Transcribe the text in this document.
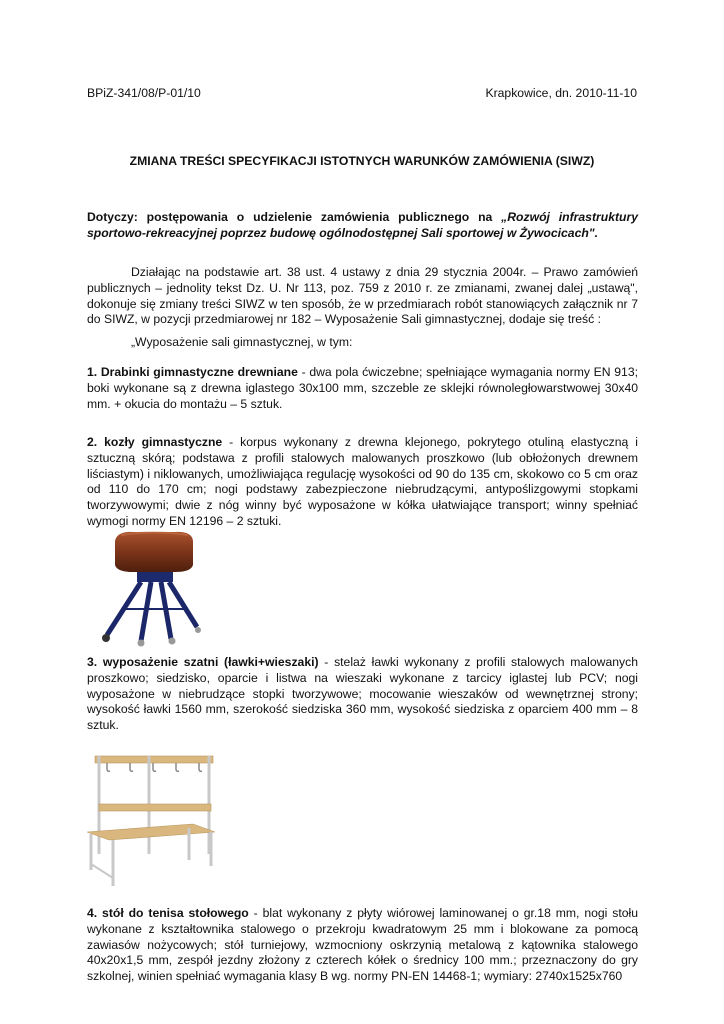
BPiZ-341/08/P-01/10	Krapkowice, dn. 2010-11-10
ZMIANA TREŚCI SPECYFIKACJI ISTOTNYCH WARUNKÓW ZAMÓWIENIA (SIWZ)

Dotyczy: postępowania o udzielenie zamówienia publicznego na „Rozwój infrastruktury sportowo-rekreacyjnej poprzez budowę ogólnodostępnej Sali sportowej w Żywocicach".

Działając na podstawie art. 38 ust. 4 ustawy z dnia 29 stycznia 2004r. – Prawo zamówień publicznych – jednolity tekst Dz. U. Nr 113, poz. 759 z 2010 r. ze zmianami, zwanej dalej „ustawą", dokonuje się zmiany treści SIWZ w ten sposób, że w przedmiarach robót stanowiących załącznik nr 7 do SIWZ, w pozycji przedmiarowej nr 182 – Wyposażenie Sali gimnastycznej, dodaje się treść :

„Wyposażenie sali gimnastycznej, w tym:

1. Drabinki gimnastyczne drewniane - dwa pola ćwiczebne; spełniające wymagania normy EN 913; boki wykonane są z drewna iglastego 30x100 mm, szczeble ze sklejki równoległowarstwowej 30x40 mm. + okucia do montażu – 5 sztuk.

2. kozły gimnastyczne - korpus wykonany z drewna klejonego, pokrytego otuliną elastyczną i sztuczną skórą; podstawa z profili stalowych malowanych proszkowo (lub obłożonych drewnem liściastym) i niklowanych, umożliwiająca regulację wysokości od 90 do 135 cm, skokowo co 5 cm oraz od 110 do 170 cm; nogi podstawy zabezpieczone niebrudzącymi, antypoślizgowymi stopkami tworzywowymi; dwie z nóg winny być wyposażone w kółka ułatwiające transport; winny spełniać wymogi normy EN 12196 – 2 sztuki.

3. wyposażenie szatni (ławki+wieszaki) - stelaż ławki wykonany z profili stalowych malowanych proszkowo; siedzisko, oparcie i listwa na wieszaki wykonane z tarcicy iglastej lub PCV; nogi wyposażone w niebrudzące stopki tworzywowe; mocowanie wieszaków od wewnętrznej strony; wysokość ławki 1560 mm, szerokość siedziska 360 mm, wysokość siedziska z oparciem 400 mm – 8 sztuk.

4. stół do tenisa stołowego - blat wykonany z płyty wiórowej laminowanej o gr.18 mm, nogi stołu wykonane z kształtownika stalowego o przekroju kwadratowym 25 mm i blokowane za pomocą zawiasów nożycowych; stół turniejowy, wzmocniony oskrzynią metalową z kątownika stalowego 40x20x1,5 mm, zespół jezdny złożony z czterech kółek o średnicy 100 mm.; przeznaczony do gry szkolnej, winien spełniać wymagania klasy B wg. normy PN-EN 14468-1; wymiary: 2740x1525x760
